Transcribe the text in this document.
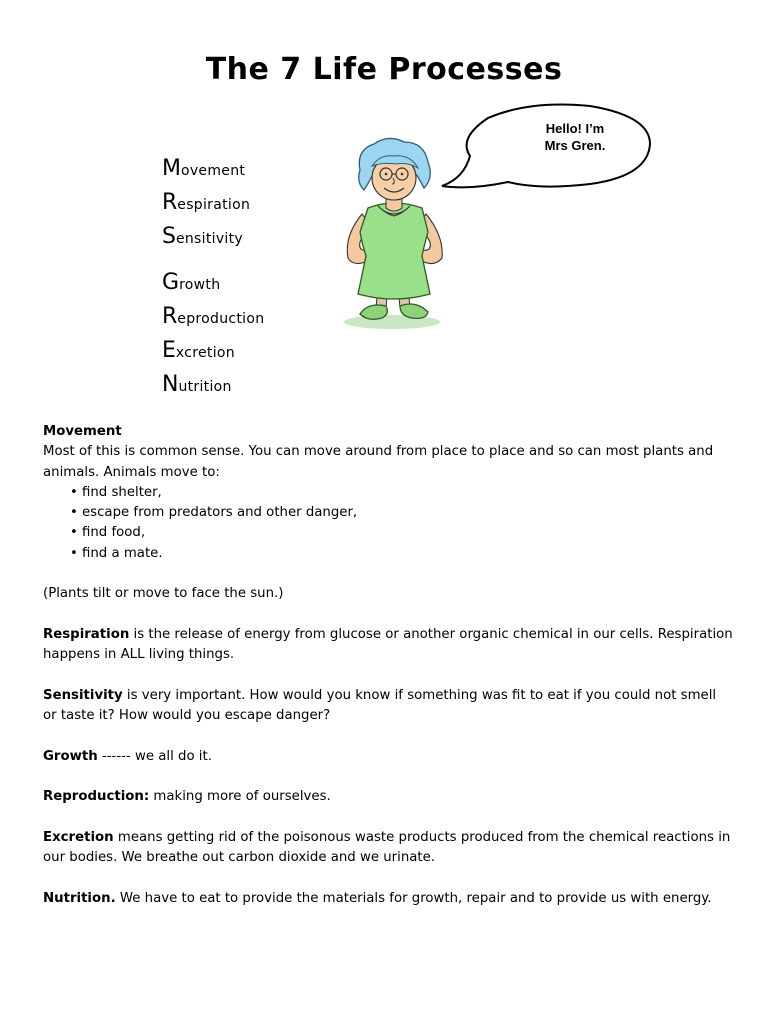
The 7 Life Processes
Movement
Respiration
Sensitivity
Growth
Reproduction
Excretion
Nutrition
Hello! I’m
Mrs Gren.

Movement

Most of this is common sense. You can move around from place to place and so can most plants and animals. Animals move to:

• find shelter,
• escape from predators and other danger,
• find food,
• find a mate.

(Plants tilt or move to face the sun.)

Respiration is the release of energy from glucose or another organic chemical in our cells. Respiration happens in ALL living things.

Sensitivity is very important. How would you know if something was fit to eat if you could not smell or taste it? How would you escape danger?

Growth ------ we all do it.

Reproduction: making more of ourselves.

Excretion means getting rid of the poisonous waste products produced from the chemical reactions in our bodies. We breathe out carbon dioxide and we urinate.

Nutrition. We have to eat to provide the materials for growth, repair and to provide us with energy.
